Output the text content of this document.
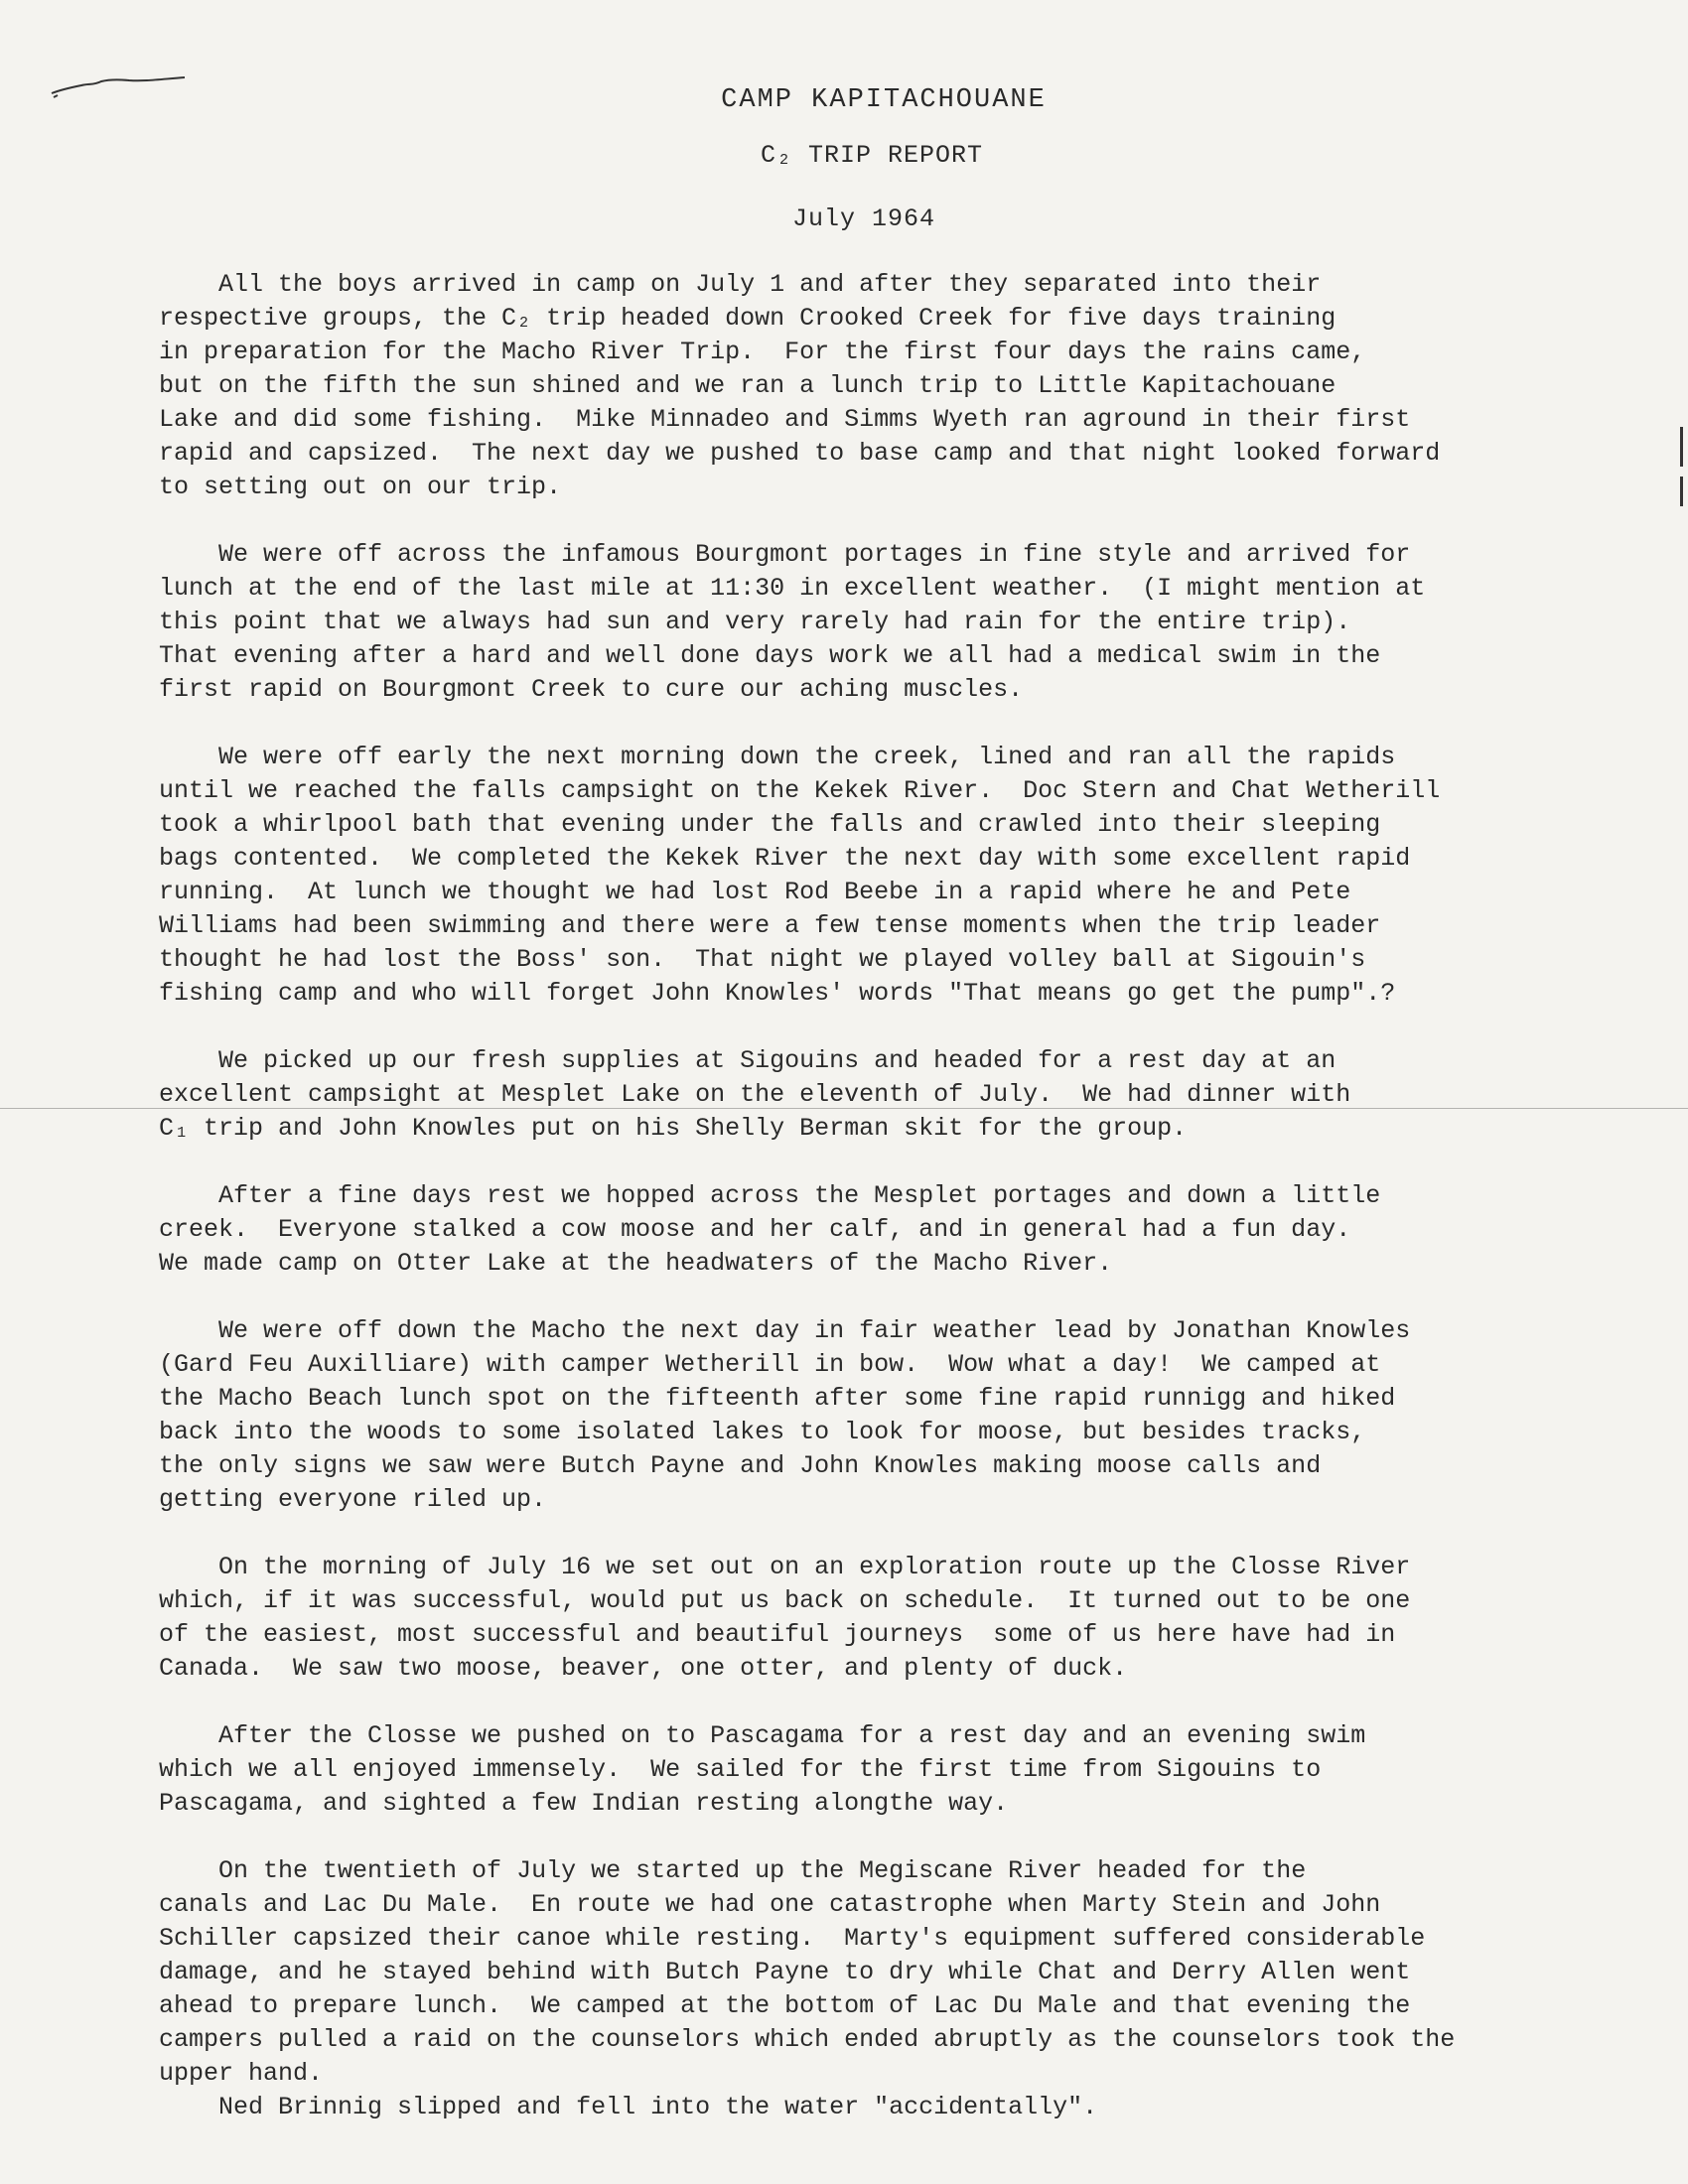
CAMP KAPITACHOUANE
C₂ TRIP REPORT
July 1964

All the boys arrived in camp on July 1 and after they separated into their
respective groups, the C₂ trip headed down Crooked Creek for five days training
in preparation for the Macho River Trip.  For the first four days the rains came,
but on the fifth the sun shined and we ran a lunch trip to Little Kapitachouane
Lake and did some fishing.  Mike Minnadeo and Simms Wyeth ran aground in their first
rapid and capsized.  The next day we pushed to base camp and that night looked forward
to setting out on our trip.

We were off across the infamous Bourgmont portages in fine style and arrived for
lunch at the end of the last mile at 11:30 in excellent weather.  (I might mention at
this point that we always had sun and very rarely had rain for the entire trip).
That evening after a hard and well done days work we all had a medical swim in the
first rapid on Bourgmont Creek to cure our aching muscles.

We were off early the next morning down the creek, lined and ran all the rapids
until we reached the falls campsight on the Kekek River.  Doc Stern and Chat Wetherill
took a whirlpool bath that evening under the falls and crawled into their sleeping
bags contented.  We completed the Kekek River the next day with some excellent rapid
running.  At lunch we thought we had lost Rod Beebe in a rapid where he and Pete
Williams had been swimming and there were a few tense moments when the trip leader
thought he had lost the Boss' son.  That night we played volley ball at Sigouin's
fishing camp and who will forget John Knowles' words "That means go get the pump".?

We picked up our fresh supplies at Sigouins and headed for a rest day at an
excellent campsight at Mesplet Lake on the eleventh of July.  We had dinner with
C₁ trip and John Knowles put on his Shelly Berman skit for the group.

After a fine days rest we hopped across the Mesplet portages and down a little
creek.  Everyone stalked a cow moose and her calf, and in general had a fun day.
We made camp on Otter Lake at the headwaters of the Macho River.

We were off down the Macho the next day in fair weather lead by Jonathan Knowles
(Gard Feu Auxilliare) with camper Wetherill in bow.  Wow what a day!  We camped at
the Macho Beach lunch spot on the fifteenth after some fine rapid runnigg and hiked
back into the woods to some isolated lakes to look for moose, but besides tracks,
the only signs we saw were Butch Payne and John Knowles making moose calls and
getting everyone riled up.

On the morning of July 16 we set out on an exploration route up the Closse River
which, if it was successful, would put us back on schedule.  It turned out to be one
of the easiest, most successful and beautiful journeys  some of us here have had in
Canada.  We saw two moose, beaver, one otter, and plenty of duck.

After the Closse we pushed on to Pascagama for a rest day and an evening swim
which we all enjoyed immensely.  We sailed for the first time from Sigouins to
Pascagama, and sighted a few Indian resting alongthe way.

On the twentieth of July we started up the Megiscane River headed for the
canals and Lac Du Male.  En route we had one catastrophe when Marty Stein and John
Schiller capsized their canoe while resting.  Marty's equipment suffered considerable
damage, and he stayed behind with Butch Payne to dry while Chat and Derry Allen went
ahead to prepare lunch.  We camped at the bottom of Lac Du Male and that evening the
campers pulled a raid on the counselors which ended abruptly as the counselors took the
upper hand.
Ned Brinnig slipped and fell into the water "accidentally".
